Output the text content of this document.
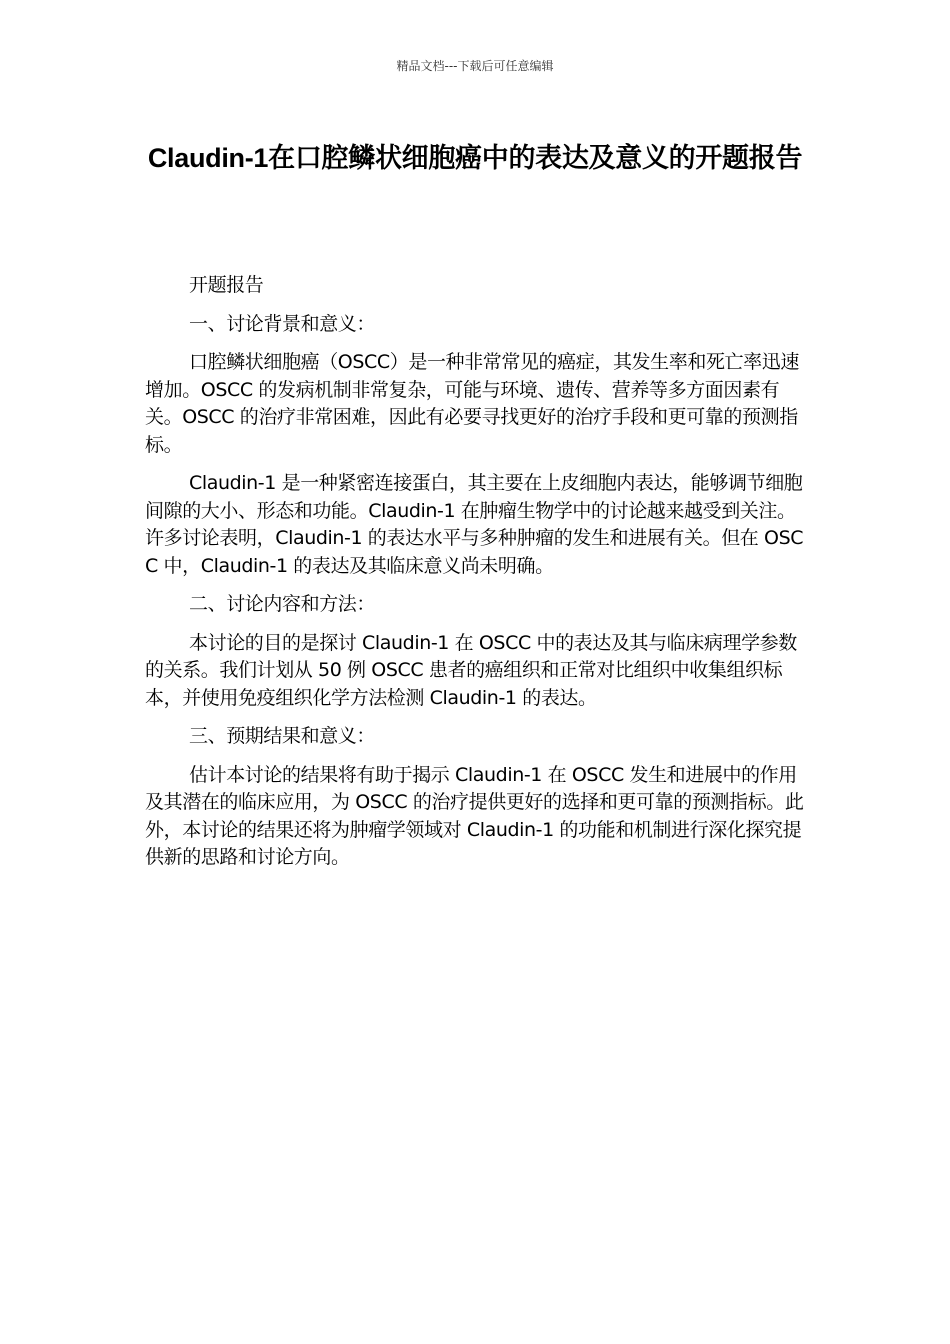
精品文档---下载后可任意编辑
Claudin-1在口腔鳞状细胞癌中的表达及意义的开题报告

开题报告

一、讨论背景和意义：

口腔鳞状细胞癌（OSCC）是一种非常常见的癌症，其发生率和死亡率迅速增加。OSCC 的发病机制非常复杂，可能与环境、遗传、营养等多方面因素有关。OSCC 的治疗非常困难，因此有必要寻找更好的治疗手段和更可靠的预测指标。

Claudin-1 是一种紧密连接蛋白，其主要在上皮细胞内表达，能够调节细胞间隙的大小、形态和功能。Claudin-1 在肿瘤生物学中的讨论越来越受到关注。许多讨论表明，Claudin-1 的表达水平与多种肿瘤的发生和进展有关。但在 OSCC 中，Claudin-1 的表达及其临床意义尚未明确。

二、讨论内容和方法：

本讨论的目的是探讨 Claudin-1 在 OSCC 中的表达及其与临床病理学参数的关系。我们计划从 50 例 OSCC 患者的癌组织和正常对比组织中收集组织标本，并使用免疫组织化学方法检测 Claudin-1 的表达。

三、预期结果和意义：

估计本讨论的结果将有助于揭示 Claudin-1 在 OSCC 发生和进展中的作用及其潜在的临床应用，为 OSCC 的治疗提供更好的选择和更可靠的预测指标。此外，本讨论的结果还将为肿瘤学领域对 Claudin-1 的功能和机制进行深化探究提供新的思路和讨论方向。
